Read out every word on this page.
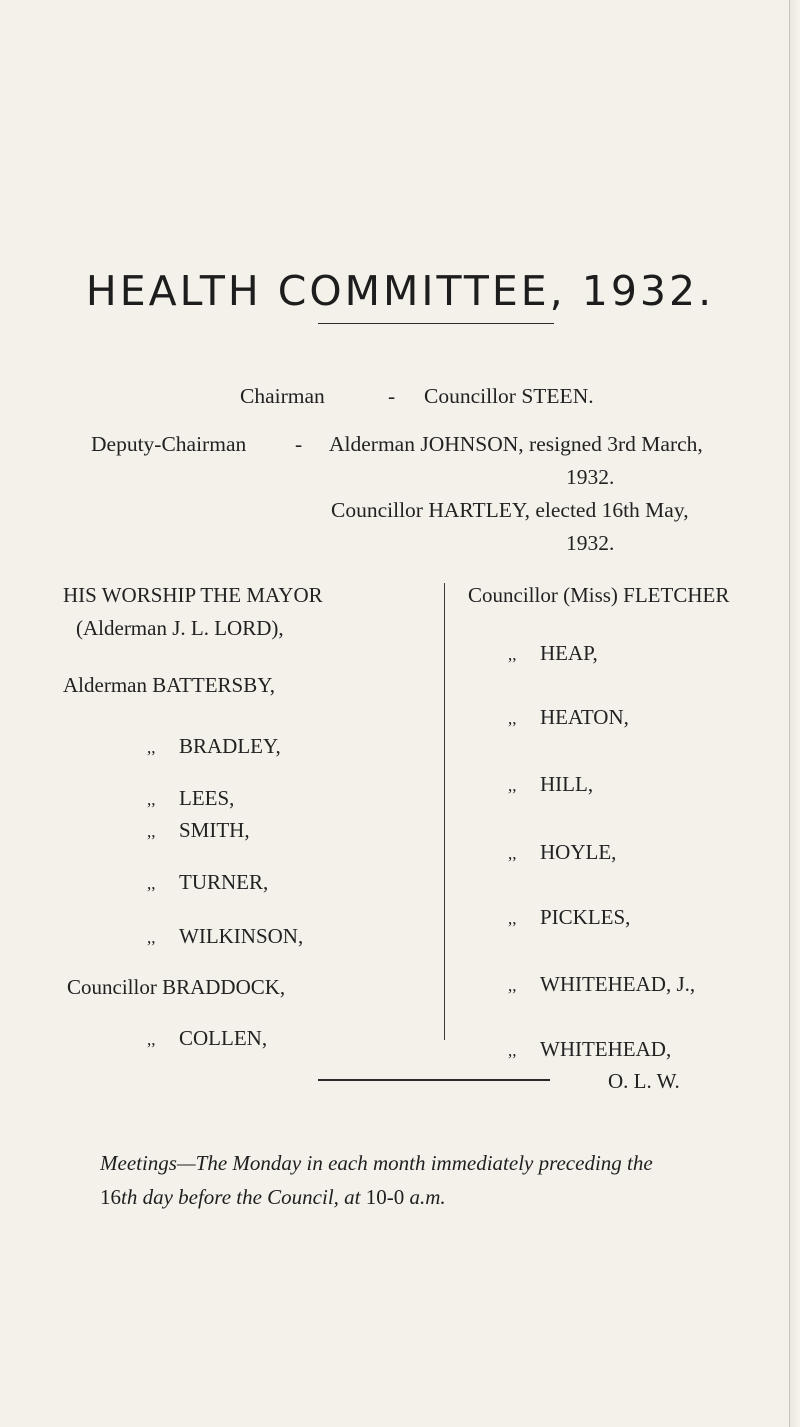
HEALTH COMMITTEE, 1932.
Chairman	- Councillor STEEN.
Deputy-Chairman - Alderman JOHNSON, resigned 3rd March,
1932.
Councillor HARTLEY, elected 16th May,
1932.
HIS WORSHIP THE MAYOR
(Alderman J. L. LORD),
Alderman BATTERSBY,
,, BRADLEY,
,, LEES,
,, SMITH,
,, TURNER,
,, WILKINSON,
Councillor BRADDOCK,
,, COLLEN,
Councillor (Miss) FLETCHER
,, HEAP,
,, HEATON,
,, HILL,
,, HOYLE,
,, PICKLES,
,, WHITEHEAD, J.,
,, WHITEHEAD,
O. L. W.
Meetings—The Monday in each month immediately preceding the
16th day before the Council, at 10-0 a.m.
